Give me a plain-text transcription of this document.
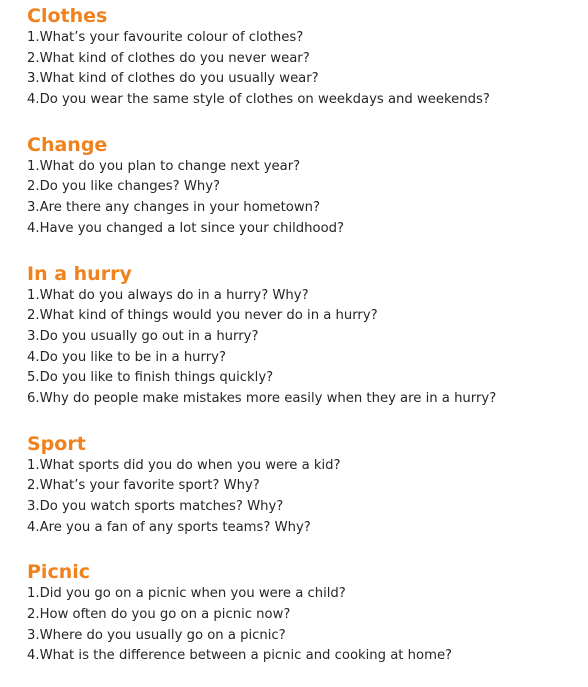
Clothes
1.What’s your favourite colour of clothes?
2.What kind of clothes do you never wear?
3.What kind of clothes do you usually wear?
4.Do you wear the same style of clothes on weekdays and weekends?
Change
1.What do you plan to change next year?
2.Do you like changes? Why?
3.Are there any changes in your hometown?
4.Have you changed a lot since your childhood?
In a hurry
1.What do you always do in a hurry? Why?
2.What kind of things would you never do in a hurry?
3.Do you usually go out in a hurry?
4.Do you like to be in a hurry?
5.Do you like to finish things quickly?
6.Why do people make mistakes more easily when they are in a hurry?
Sport
1.What sports did you do when you were a kid?
2.What’s your favorite sport? Why?
3.Do you watch sports matches? Why?
4.Are you a fan of any sports teams? Why?
Picnic
1.Did you go on a picnic when you were a child?
2.How often do you go on a picnic now?
3.Where do you usually go on a picnic?
4.What is the difference between a picnic and cooking at home?
